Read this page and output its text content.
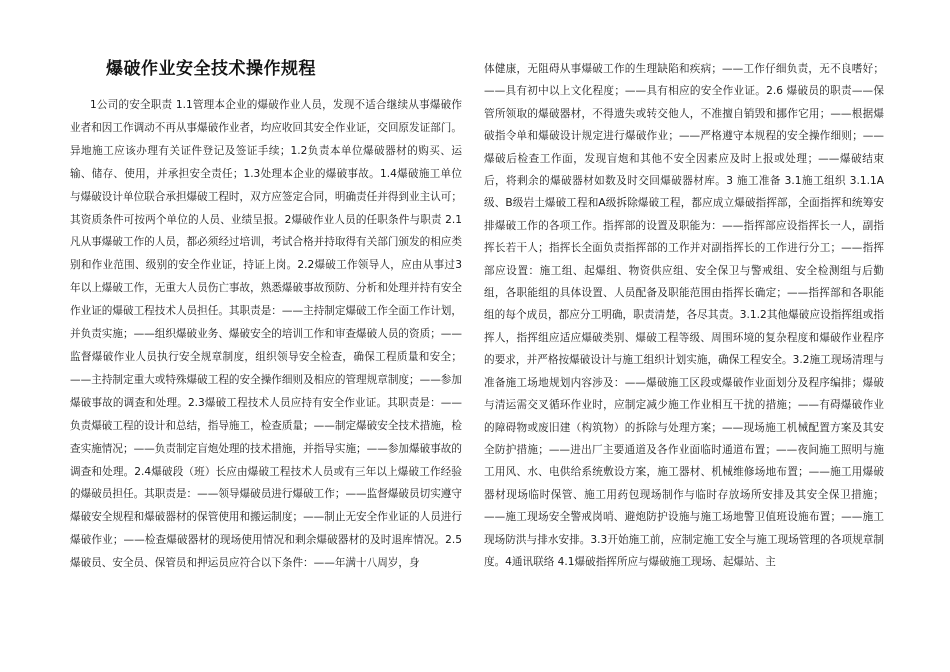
爆破作业安全技术操作规程

1公司的安全职责 1.1管理本企业的爆破作业人员，发现不适合继续从事爆破作业者和因工作调动不再从事爆破作业者，均应收回其安全作业证，交回原发证部门。异地施工应该办理有关证件登记及签证手续；1.2负责本单位爆破器材的购买、运输、储存、使用，并承担安全责任；1.3处理本企业的爆破事故。1.4爆破施工单位与爆破设计单位联合承担爆破工程时，双方应签定合同，明确责任并得到业主认可；其资质条件可按两个单位的人员、业绩呈报。2爆破作业人员的任职条件与职责 2.1凡从事爆破工作的人员，都必须经过培训，考试合格并持取得有关部门颁发的相应类别和作业范围、级别的安全作业证，持证上岗。2.2爆破工作领导人，应由从事过3年以上爆破工作，无重大人员伤亡事故，熟悉爆破事故预防、分析和处理并持有安全作业证的爆破工程技术人员担任。其职责是：——主持制定爆破工作全面工作计划，并负责实施；——组织爆破业务、爆破安全的培训工作和审查爆破人员的资质；——监督爆破作业人员执行安全规章制度，组织领导安全检查，确保工程质量和安全；——主持制定重大或特殊爆破工程的安全操作细则及相应的管理规章制度；——参加爆破事故的调查和处理。2.3爆破工程技术人员应持有安全作业证。其职责是：——负责爆破工程的设计和总结，指导施工，检查质量；——制定爆破安全技术措施，检查实施情况；——负责制定盲炮处理的技术措施，并指导实施；——参加爆破事故的调查和处理。2.4爆破段（班）长应由爆破工程技术人员或有三年以上爆破工作经验的爆破员担任。其职责是：——领导爆破员进行爆破工作；——监督爆破员切实遵守爆破安全规程和爆破器材的保管使用和搬运制度；——制止无安全作业证的人员进行爆破作业；——检查爆破器材的现场使用情况和剩余爆破器材的及时退库情况。2.5爆破员、安全员、保管员和押运员应符合以下条件：——年满十八周岁，身

体健康，无阻碍从事爆破工作的生理缺陷和疾病；——工作仔细负责，无不良嗜好；——具有初中以上文化程度；——具有相应的安全作业证。2.6 爆破员的职责——保管所领取的爆破器材，不得遗失或转交他人，不准擅自销毁和挪作它用；——根据爆破指令单和爆破设计规定进行爆破作业；——严格遵守本规程的安全操作细则；——爆破后检查工作面，发现盲炮和其他不安全因素应及时上报或处理；——爆破结束后，将剩余的爆破器材如数及时交回爆破器材库。3 施工准备 3.1施工组织 3.1.1A级、B级岩土爆破工程和A级拆除爆破工程，都应成立爆破指挥部，全面指挥和统筹安排爆破工作的各项工作。指挥部的设置及职能为：——指挥部应设指挥长一人，副指挥长若干人；指挥长全面负责指挥部的工作并对副指挥长的工作进行分工；——指挥部应设置：施工组、起爆组、物资供应组、安全保卫与警戒组、安全检测组与后勤组，各职能组的具体设置、人员配备及职能范围由指挥长确定；——指挥部和各职能组的每个成员，都应分工明确，职责清楚，各尽其责。3.1.2其他爆破应设指挥组或指挥人，指挥组应适应爆破类别、爆破工程等级、周围环境的复杂程度和爆破作业程序的要求，并严格按爆破设计与施工组织计划实施，确保工程安全。3.2施工现场清理与准备施工场地规划内容涉及：——爆破施工区段或爆破作业面划分及程序编排；爆破与清运需交叉循环作业时，应制定减少施工作业相互干扰的措施；——有碍爆破作业的障碍物或废旧建（构筑物）的拆除与处理方案；——现场施工机械配置方案及其安全防护措施；——进出厂主要通道及各作业面临时通道布置；——夜间施工照明与施工用风、水、电供给系统敷设方案，施工器材、机械维修场地布置；——施工用爆破器材现场临时保管、施工用药包现场制作与临时存放场所安排及其安全保卫措施；——施工现场安全警戒岗哨、避炮防护设施与施工场地警卫值班设施布置；——施工现场防洪与排水安排。3.3开始施工前，应制定施工安全与施工现场管理的各项规章制度。4通讯联络 4.1爆破指挥所应与爆破施工现场、起爆站、主
